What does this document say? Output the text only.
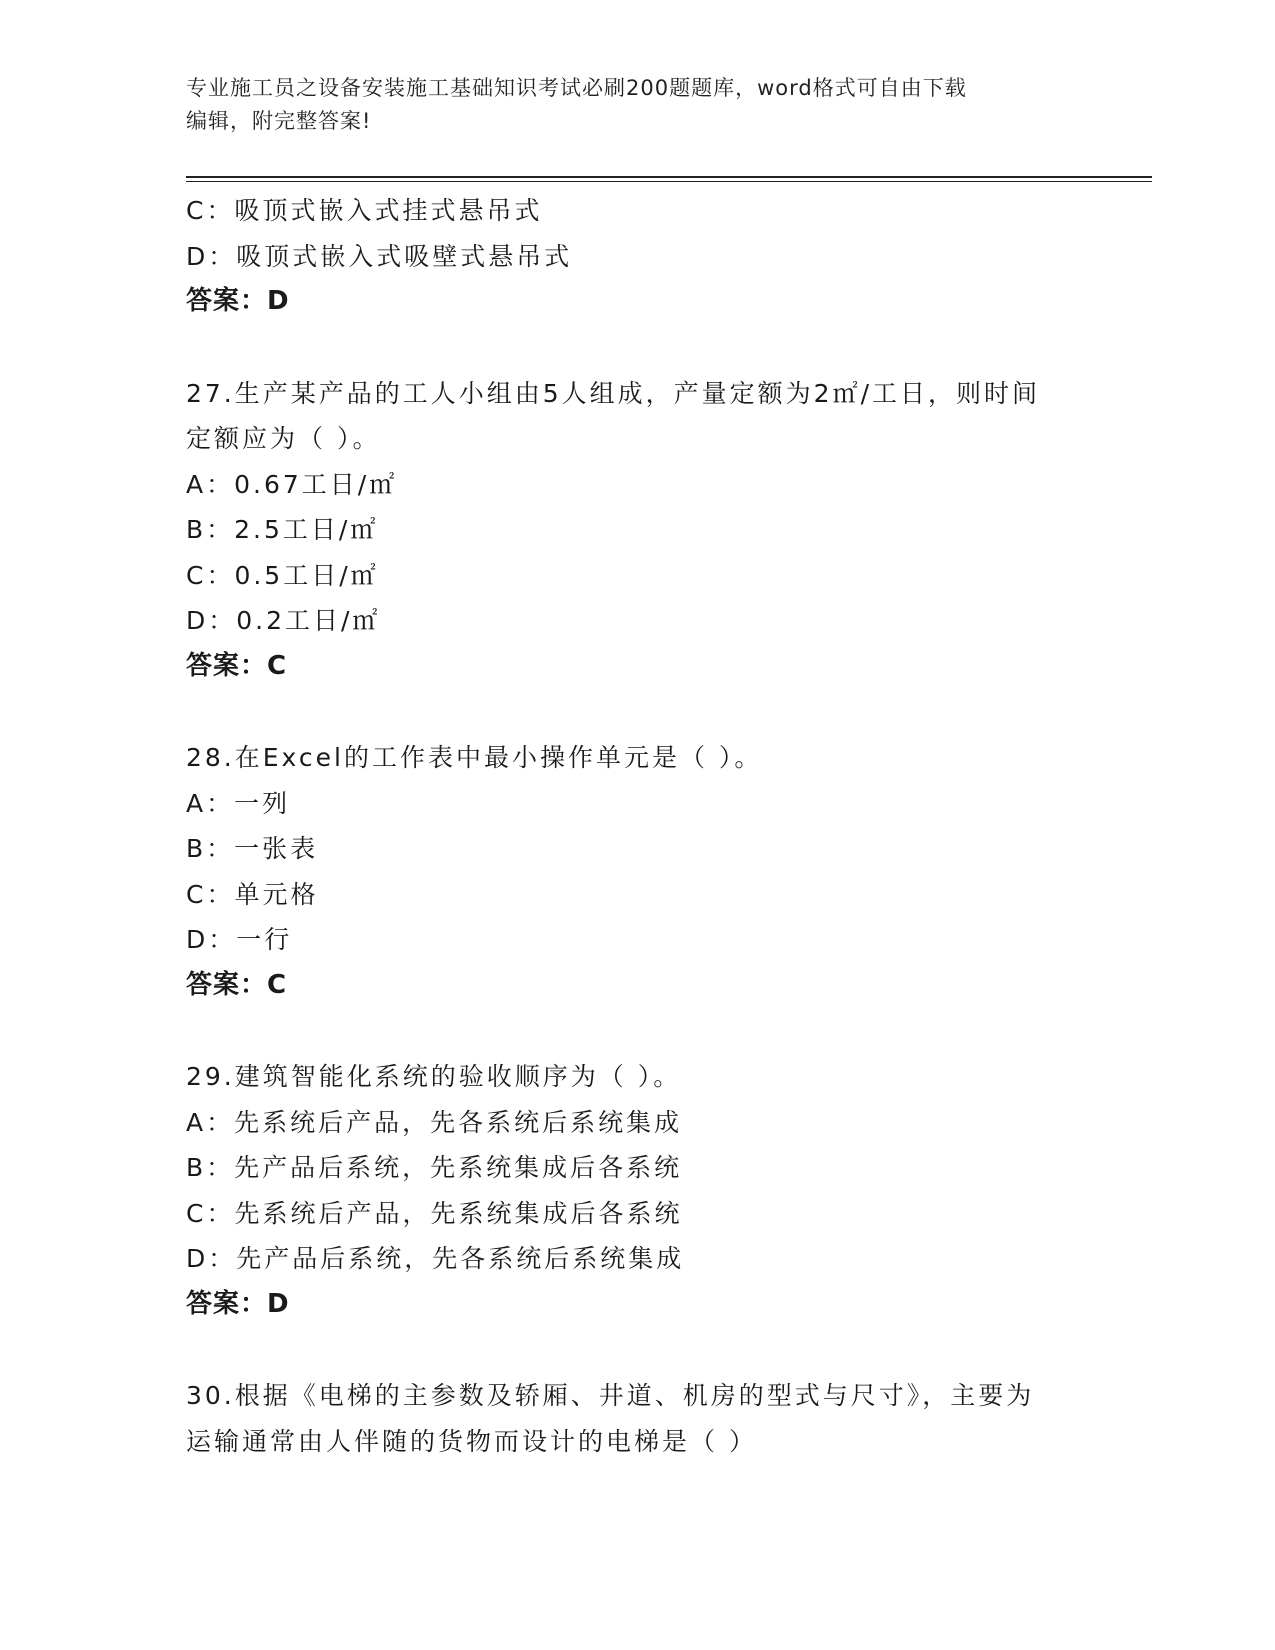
专业施工员之设备安装施工基础知识考试必刷200题题库，word格式可自由下载
编辑，附完整答案!
C：吸顶式嵌入式挂式悬吊式
D：吸顶式嵌入式吸壁式悬吊式
答案：D
27.生产某产品的工人小组由5人组成，产量定额为2㎡/工日，则时间
定额应为（ ）。
A：0.67工日/㎡
B：2.5工日/㎡
C：0.5工日/㎡
D：0.2工日/㎡
答案：C
28.在Excel的工作表中最小操作单元是（ ）。
A：一列
B：一张表
C：单元格
D：一行
答案：C
29.建筑智能化系统的验收顺序为（ ）。
A：先系统后产品，先各系统后系统集成
B：先产品后系统，先系统集成后各系统
C：先系统后产品，先系统集成后各系统
D：先产品后系统，先各系统后系统集成
答案：D
30.根据《电梯的主参数及轿厢、井道、机房的型式与尺寸》，主要为
运输通常由人伴随的货物而设计的电梯是（ ）
